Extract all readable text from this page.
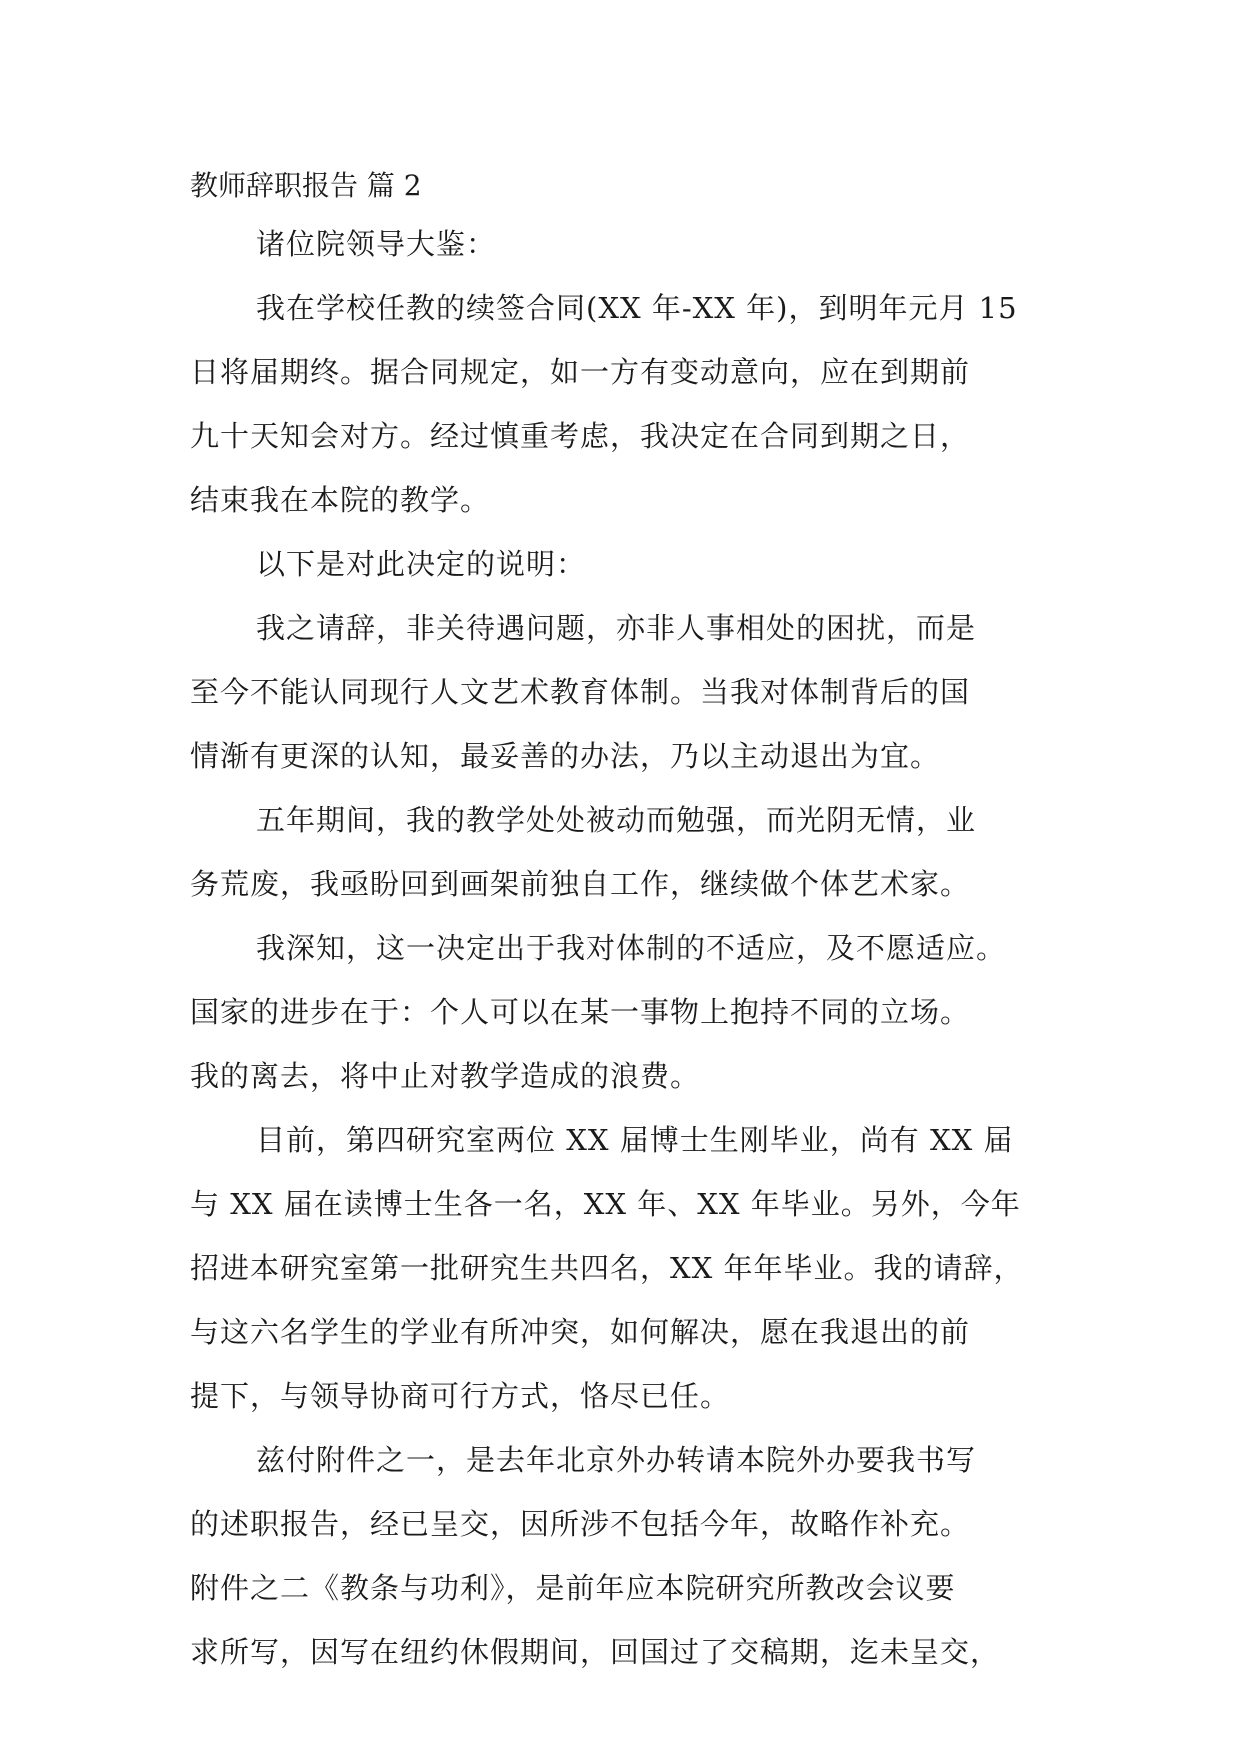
教师辞职报告 篇 2
诸位院领导大鉴：
我在学校任教的续签合同(XX 年-XX 年)，到明年元月 15
日将届期终。据合同规定，如一方有变动意向，应在到期前
九十天知会对方。经过慎重考虑，我决定在合同到期之日，
结束我在本院的教学。
以下是对此决定的说明：
我之请辞，非关待遇问题，亦非人事相处的困扰，而是
至今不能认同现行人文艺术教育体制。当我对体制背后的国
情渐有更深的认知，最妥善的办法，乃以主动退出为宜。
五年期间，我的教学处处被动而勉强，而光阴无情，业
务荒废，我亟盼回到画架前独自工作，继续做个体艺术家。
我深知，这一决定出于我对体制的不适应，及不愿适应。
国家的进步在于：个人可以在某一事物上抱持不同的立场。
我的离去，将中止对教学造成的浪费。
目前，第四研究室两位 XX 届博士生刚毕业，尚有 XX 届
与 XX 届在读博士生各一名，XX 年、XX 年毕业。另外，今年
招进本研究室第一批研究生共四名，XX 年年毕业。我的请辞，
与这六名学生的学业有所冲突，如何解决，愿在我退出的前
提下，与领导协商可行方式，恪尽已任。
兹付附件之一，是去年北京外办转请本院外办要我书写
的述职报告，经已呈交，因所涉不包括今年，故略作补充。
附件之二《教条与功利》，是前年应本院研究所教改会议要
求所写，因写在纽约休假期间，回国过了交稿期，迄未呈交，
